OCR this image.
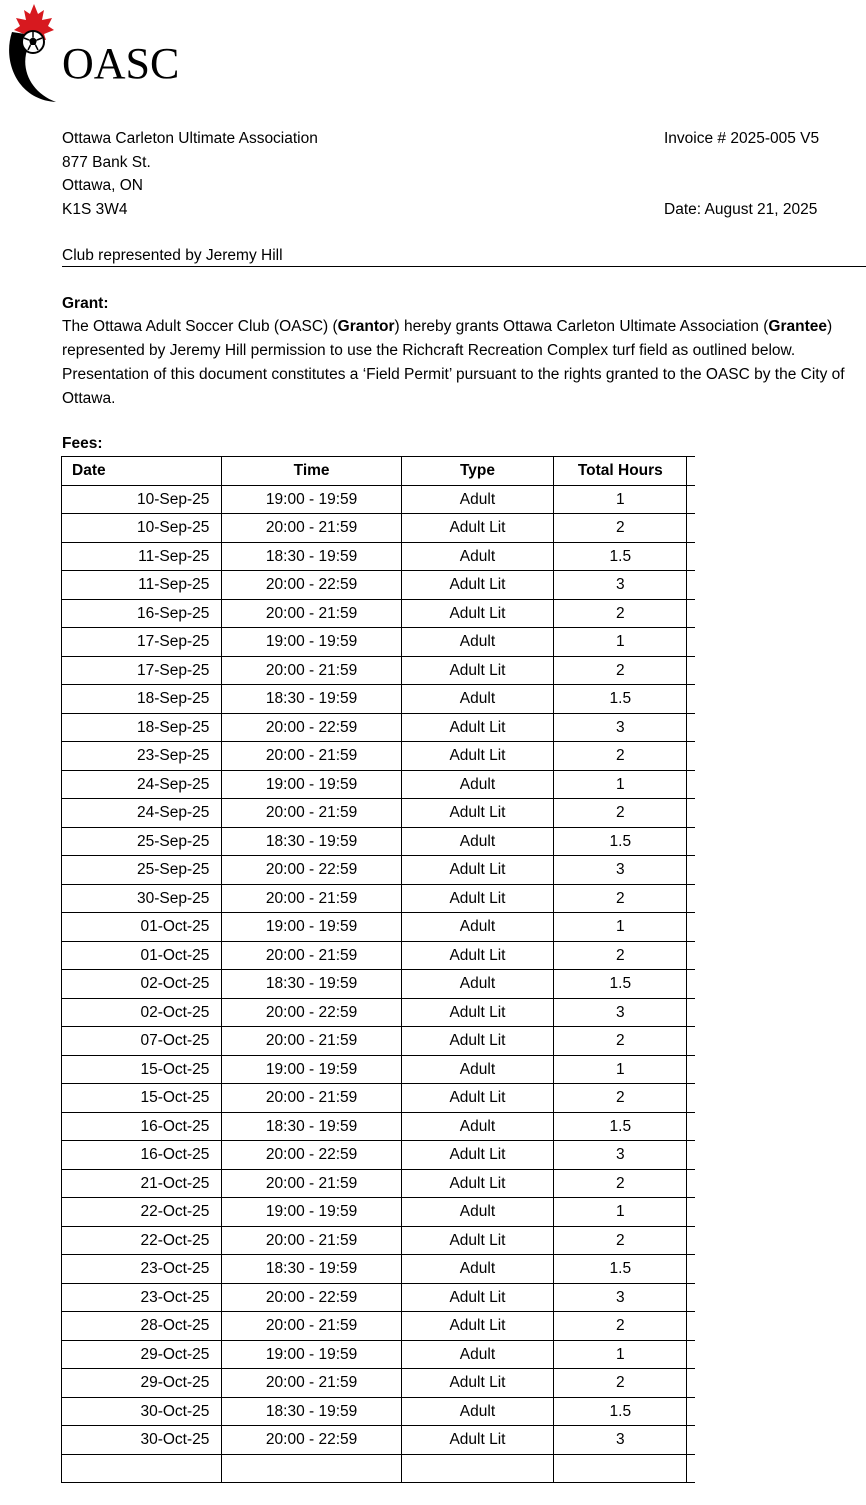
OASC
Ottawa Carleton Ultimate Association
877 Bank St.
Ottawa, ON
K1S 3W4
Invoice # 2025-005 V5
Date: August 21, 2025
Club represented by Jeremy Hill
Grant:
The Ottawa Adult Soccer Club (OASC) (Grantor) hereby grants Ottawa Carleton Ultimate Association (Grantee) represented by Jeremy Hill permission to use the Richcraft Recreation Complex turf field as outlined below. Presentation of this document constitutes a ‘Field Permit’ pursuant to the rights granted to the OASC by the City of Ottawa.
Fees:
Date	Time	Type	Total Hours	
10-Sep-25	19:00 - 19:59	Adult	1	
10-Sep-25	20:00 - 21:59	Adult Lit	2	
11-Sep-25	18:30 - 19:59	Adult	1.5	
11-Sep-25	20:00 - 22:59	Adult Lit	3	
16-Sep-25	20:00 - 21:59	Adult Lit	2	
17-Sep-25	19:00 - 19:59	Adult	1	
17-Sep-25	20:00 - 21:59	Adult Lit	2	
18-Sep-25	18:30 - 19:59	Adult	1.5	
18-Sep-25	20:00 - 22:59	Adult Lit	3	
23-Sep-25	20:00 - 21:59	Adult Lit	2	
24-Sep-25	19:00 - 19:59	Adult	1	
24-Sep-25	20:00 - 21:59	Adult Lit	2	
25-Sep-25	18:30 - 19:59	Adult	1.5	
25-Sep-25	20:00 - 22:59	Adult Lit	3	
30-Sep-25	20:00 - 21:59	Adult Lit	2	
01-Oct-25	19:00 - 19:59	Adult	1	
01-Oct-25	20:00 - 21:59	Adult Lit	2	
02-Oct-25	18:30 - 19:59	Adult	1.5	
02-Oct-25	20:00 - 22:59	Adult Lit	3	
07-Oct-25	20:00 - 21:59	Adult Lit	2	
15-Oct-25	19:00 - 19:59	Adult	1	
15-Oct-25	20:00 - 21:59	Adult Lit	2	
16-Oct-25	18:30 - 19:59	Adult	1.5	
16-Oct-25	20:00 - 22:59	Adult Lit	3	
21-Oct-25	20:00 - 21:59	Adult Lit	2	
22-Oct-25	19:00 - 19:59	Adult	1	
22-Oct-25	20:00 - 21:59	Adult Lit	2	
23-Oct-25	18:30 - 19:59	Adult	1.5	
23-Oct-25	20:00 - 22:59	Adult Lit	3	
28-Oct-25	20:00 - 21:59	Adult Lit	2	
29-Oct-25	19:00 - 19:59	Adult	1	
29-Oct-25	20:00 - 21:59	Adult Lit	2	
30-Oct-25	18:30 - 19:59	Adult	1.5	
30-Oct-25	20:00 - 22:59	Adult Lit	3	
